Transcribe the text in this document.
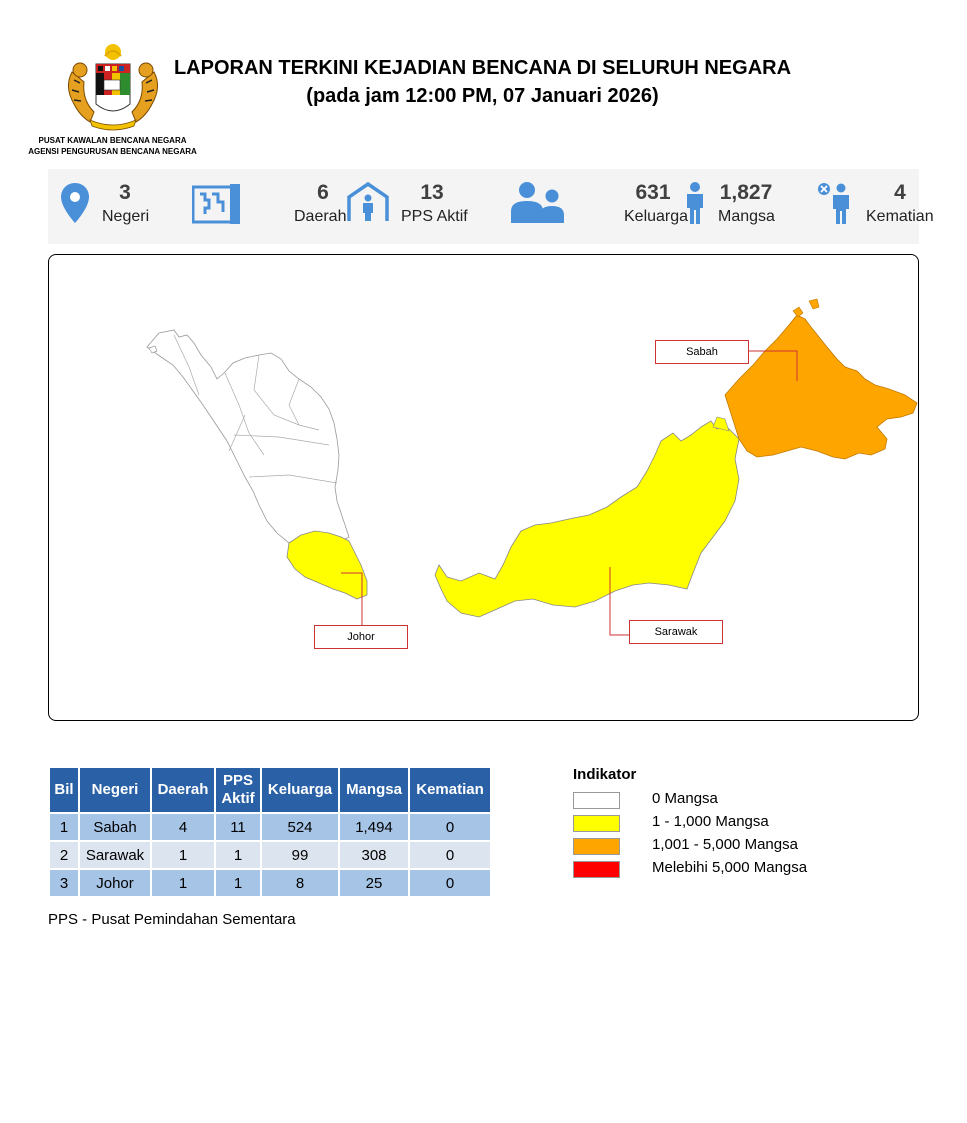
PUSAT KAWALAN BENCANA NEGARA
AGENSI PENGURUSAN BENCANA NEGARA
LAPORAN TERKINI KEJADIAN BENCANA DI SELURUH NEGARA
(pada jam 12:00 PM, 07 Januari 2026)
3
Negeri
6
Daerah
13
PPS Aktif
631
Keluarga
1,827
Mangsa
4
Kematian
Sabah
Sarawak
Johor
Bil	Negeri	Daerah	PPS Aktif	Keluarga	Mangsa	Kematian
1	Sabah	4	11	524	1,494	0
2	Sarawak	1	1	99	308	0
3	Johor	1	1	8	25	0
PPS - Pusat Pemindahan Sementara
Indikator
0 Mangsa
1 - 1,000 Mangsa
1,001 - 5,000 Mangsa
Melebihi 5,000 Mangsa
